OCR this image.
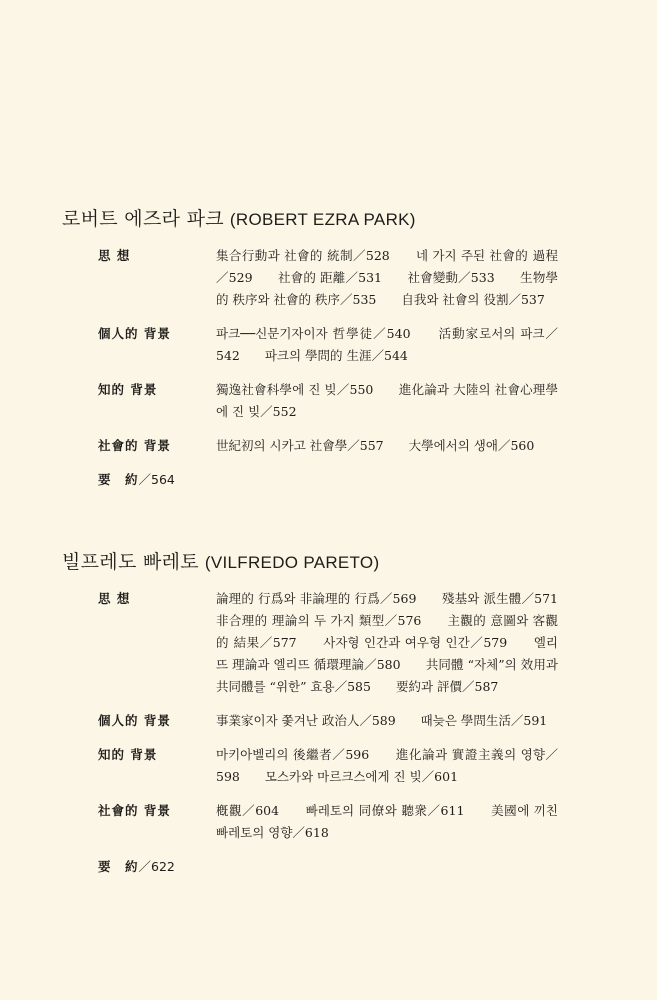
로버트 에즈라 파크 (ROBERT EZRA PARK)
思 想	集合行動과 社會的 統制／528　　네 가지 주된 社會的 過程／529　　社會的 距離／531　　社會變動／533　　生物學的 秩序와 社會的 秩序／535　　自我와 社會의 役割／537
個人的 背景	파크──신문기자이자 哲學徒／540　　活動家로서의 파크／542　　파크의 學問的 生涯／544
知的 背景	獨逸社會科學에 진 빚／550　　進化論과 大陸의 社會心理學에 진 빚／552
社會的 背景	世紀初의 시카고 社會學／557　　大學에서의 생애／560
要　約／564
빌프레도 빠레토 (VILFREDO PARETO)
思 想	論理的 行爲와 非論理的 行爲／569　　殘基와 派生體／571　　非合理的 理論의 두 가지 類型／576　　主觀的 意圖와 客觀的 結果／577　　사자형 인간과 여우형 인간／579　　엘리뜨 理論과 엘리뜨 循環理論／580　　共同體 “자체”의 效用과 共同體를 “위한” 효용／585　　要約과 評價／587
個人的 背景	事業家이자 쫓겨난 政治人／589　　때늦은 學問生活／591
知的 背景	마키아벨리의 後繼者／596　　進化論과 實證主義의 영향／598　　모스카와 마르크스에게 진 빚／601
社會的 背景	槪觀／604　　빠레토의 同僚와 聽衆／611　　美國에 끼친 빠레토의 영향／618
要　約／622
